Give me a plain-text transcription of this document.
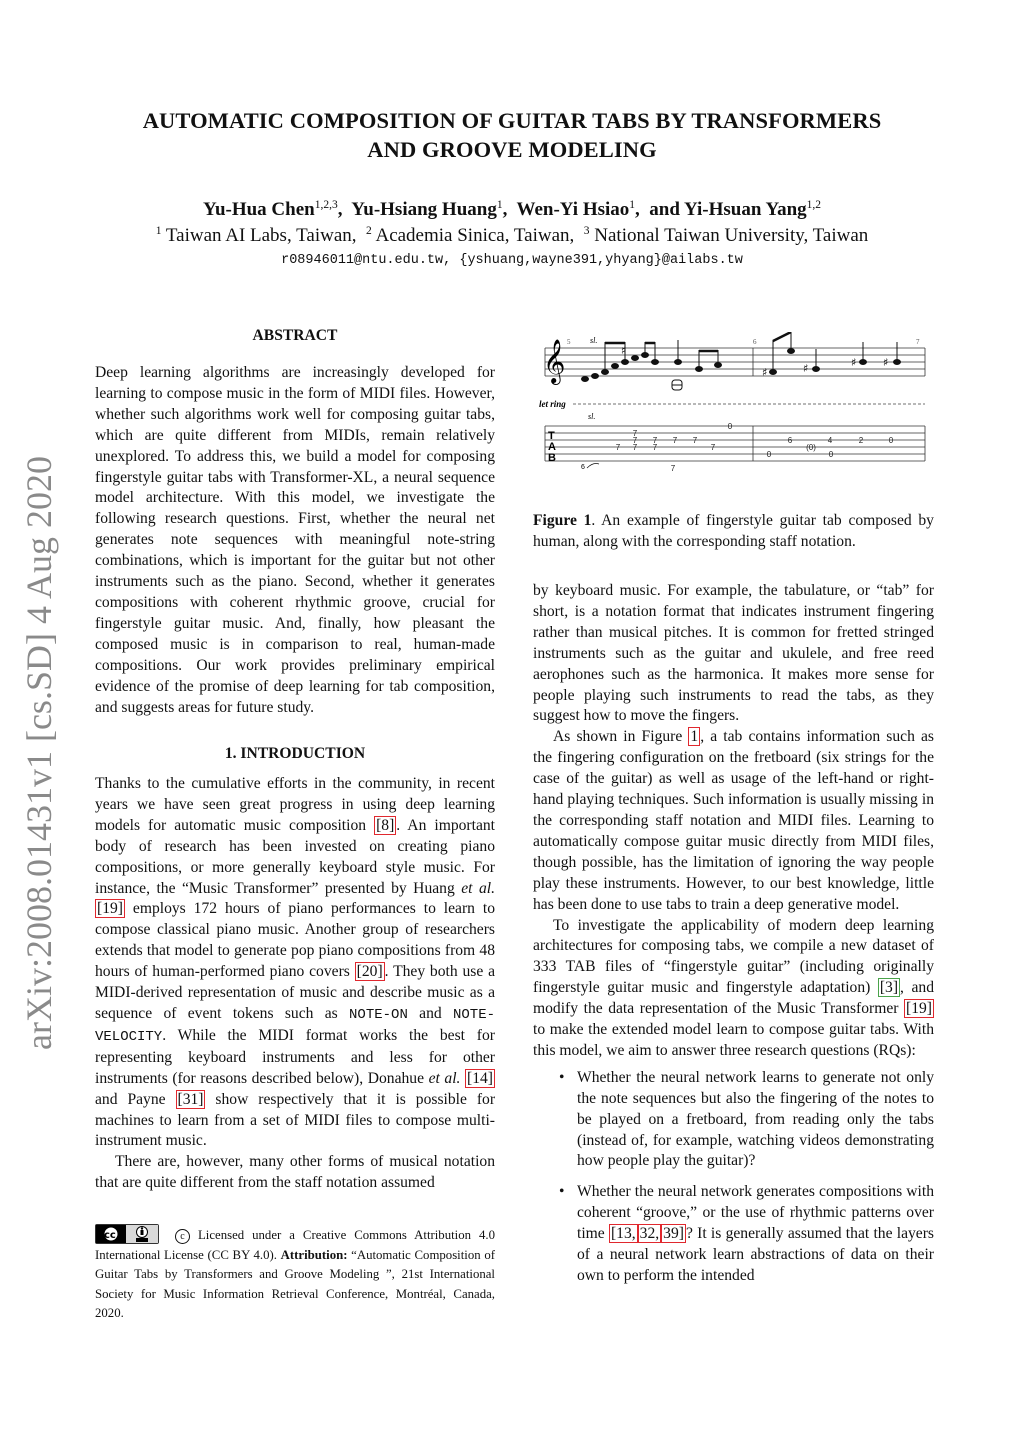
AUTOMATIC COMPOSITION OF GUITAR TABS BY TRANSFORMERS
AND GROOVE MODELING
Yu-Hua Chen$^{1,2,3}$,  Yu-Hsiang Huang$^1$,  Wen-Yi Hsiao$^1$,  and Yi-Hsuan Yang$^{1,2}$
$^1$ Taiwan AI Labs, Taiwan, $^2$ Academia Sinica, Taiwan, $^3$ National Taiwan University, Taiwan
r08946011@ntu.edu.tw, {yshuang,wayne391,yhyang}@ailabs.tw
arXiv:2008.01431v1 [cs.SD] 4 Aug 2020
ABSTRACT

Deep learning algorithms are increasingly developed for learning to compose music in the form of MIDI files. However, whether such algorithms work well for composing guitar tabs, which are quite different from MIDIs, remain relatively unexplored. To address this, we build a model for composing fingerstyle guitar tabs with Transformer-XL, a neural sequence model architecture. With this model, we investigate the following research questions. First, whether the neural net generates note sequences with meaningful note-string combinations, which is important for the guitar but not other instruments such as the piano. Second, whether it generates compositions with coherent rhythmic groove, crucial for fingerstyle guitar music. And, finally, how pleasant the composed music is in comparison to real, human-made compositions. Our work provides preliminary empirical evidence of the promise of deep learning for tab composition, and suggests areas for future study.

1. INTRODUCTION

Thanks to the cumulative efforts in the community, in recent years we have seen great progress in using deep learning models for automatic music composition [8] . An important body of research has been invested on creating piano compositions, or more generally keyboard style music. For instance, the “Music Transformer” presented by Huang et al. [19] employs 172 hours of piano performances to learn to compose classical piano music. Another group of researchers extends that model to generate pop piano compositions from 48 hours of human-performed piano covers [20] . They both use a MIDI-derived representation of music and describe music as a sequence of event tokens such as NOTE-ON and NOTE-VELOCITY. While the MIDI format works the best for representing keyboard instruments and less for other instruments (for reasons described below), Donahue et al. [14] and Payne [31] show respectively that it is possible for machines to learn from a set of MIDI files to compose multi-instrument music.

There are, however, many other forms of musical notation that are quite different from the staff notation assumed

cc	c Licensed under a Creative Commons Attribution 4.0 International License (CC BY 4.0). Attribution: “Automatic Composition of Guitar Tabs by Transformers and Groove Modeling ”, 21st International Society for Music Information Retrieval Conference, Montréal, Canada, 2020.
𝄞 5	6	7
sl.
♯	♯	♯ ♯
♯
let ring
sl.
T
A
B
0
7 7 7 7
7 7 7	7
7
7
6	4	2	0
0
(0)
0
6
Figure 1. An example of fingerstyle guitar tab composed by human, along with the corresponding staff notation.

by keyboard music. For example, the tabulature, or “tab” for short, is a notation format that indicates instrument fingering rather than musical pitches. It is common for fretted stringed instruments such as the guitar and ukulele, and free reed aerophones such as the harmonica. It makes more sense for people playing such instruments to read the tabs, as they suggest how to move the fingers.

As shown in Figure 1 , a tab contains information such as the fingering configuration on the fretboard (six strings for the case of the guitar) as well as usage of the left-hand or right-hand playing techniques. Such information is usually missing in the corresponding staff notation and MIDI files. Learning to automatically compose guitar music directly from MIDI files, though possible, has the limitation of ignoring the way people play these instruments. However, to our best knowledge, little has been done to use tabs to train a deep generative model.

To investigate the applicability of modern deep learning architectures for composing tabs, we compile a new dataset of 333 TAB files of “fingerstyle guitar” (including originally fingerstyle guitar music and fingerstyle adaptation) [3] , and modify the data representation of the Music Transformer [19] to make the extended model learn to compose guitar tabs. With this model, we aim to answer three research questions (RQs):

• Whether the neural network learns to generate not only the note sequences but also the fingering of the notes to be played on a fretboard, from reading only the tabs (instead of, for example, watching videos demonstrating how people play the guitar)?
• Whether the neural network generates compositions with coherent “groove,” or the use of rhythmic patterns over time [13, 32, 39] ? It is generally assumed that the layers of a neural network learn abstractions of data on their own to perform the intended
